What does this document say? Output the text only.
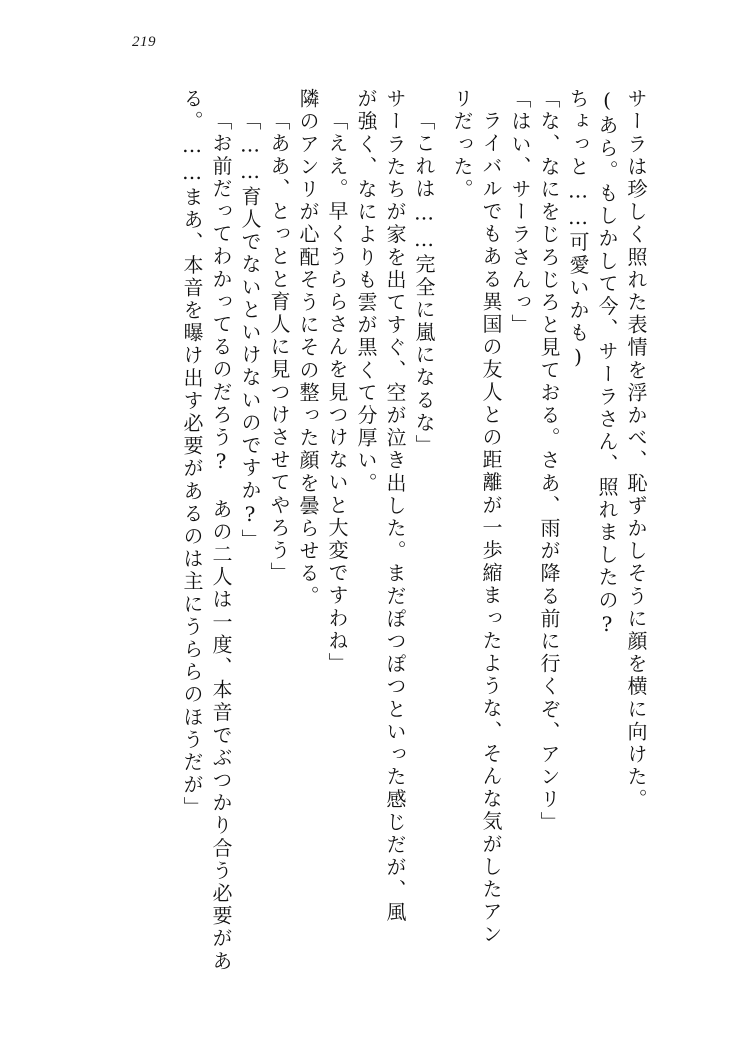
219
サーラは珍しく照れた表情を浮かべ、恥ずかしそうに顔を横に向けた。
(あら。もしかして今、サーラさん、照れましたの?
ちょっと……可愛いかも)
「な、なにをじろじろと見ておる。さあ、雨が降る前に行くぞ、アンリ」
「はい、サーラさんっ」
ライバルでもある異国の友人との距離が一歩縮まったような、そんな気がしたアン
リだった。
「これは……完全に嵐になるな」
サーラたちが家を出てすぐ、空が泣き出した。まだぽつぽつといった感じだが、風
が強く、なによりも雲が黒くて分厚い。
「ええ。早くうららさんを見つけないと大変ですわね」
隣のアンリが心配そうにその整った顔を曇らせる。
「ああ、とっとと育人に見つけさせてやろう」
「……育人でないといけないのですか?」
「お前だってわかってるのだろう?　あの二人は一度、本音でぶつかり合う必要があ
る。……まあ、本音を曝け出す必要があるのは主にうららのほうだが」
